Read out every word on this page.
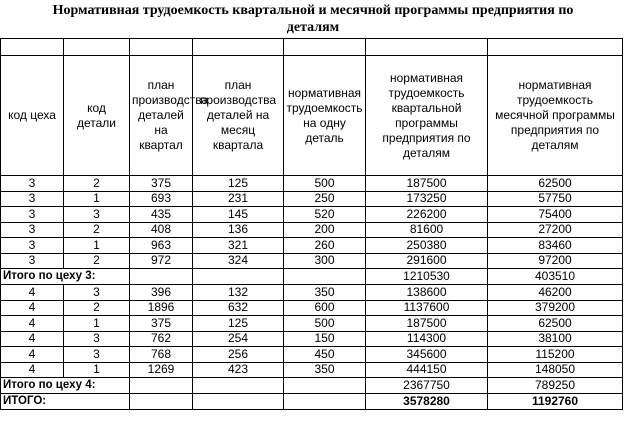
Нормативная трудоемкость квартальной и месячной программы предприятия по
деталям

код цеха	код детали	план производства деталей на квартал	план производства деталей на месяц квартала	нормативная трудоемкость на одну деталь	нормативная трудоемкость квартальной программы предприятия по деталям	нормативная трудоемкость месячной программы предприятия по деталям
3	2	375	125	500	187500	62500
3	1	693	231	250	173250	57750
3	3	435	145	520	226200	75400
3	2	408	136	200	81600	27200
3	1	963	321	260	250380	83460
3	2	972	324	300	291600	97200
Итого по цеху 3:					1210530	403510
4	3	396	132	350	138600	46200
4	2	1896	632	600	1137600	379200
4	1	375	125	500	187500	62500
4	3	762	254	150	114300	38100
4	3	768	256	450	345600	115200
4	1	1269	423	350	444150	148050
Итого по цеху 4:					2367750	789250
ИТОГО:					3578280	1192760
